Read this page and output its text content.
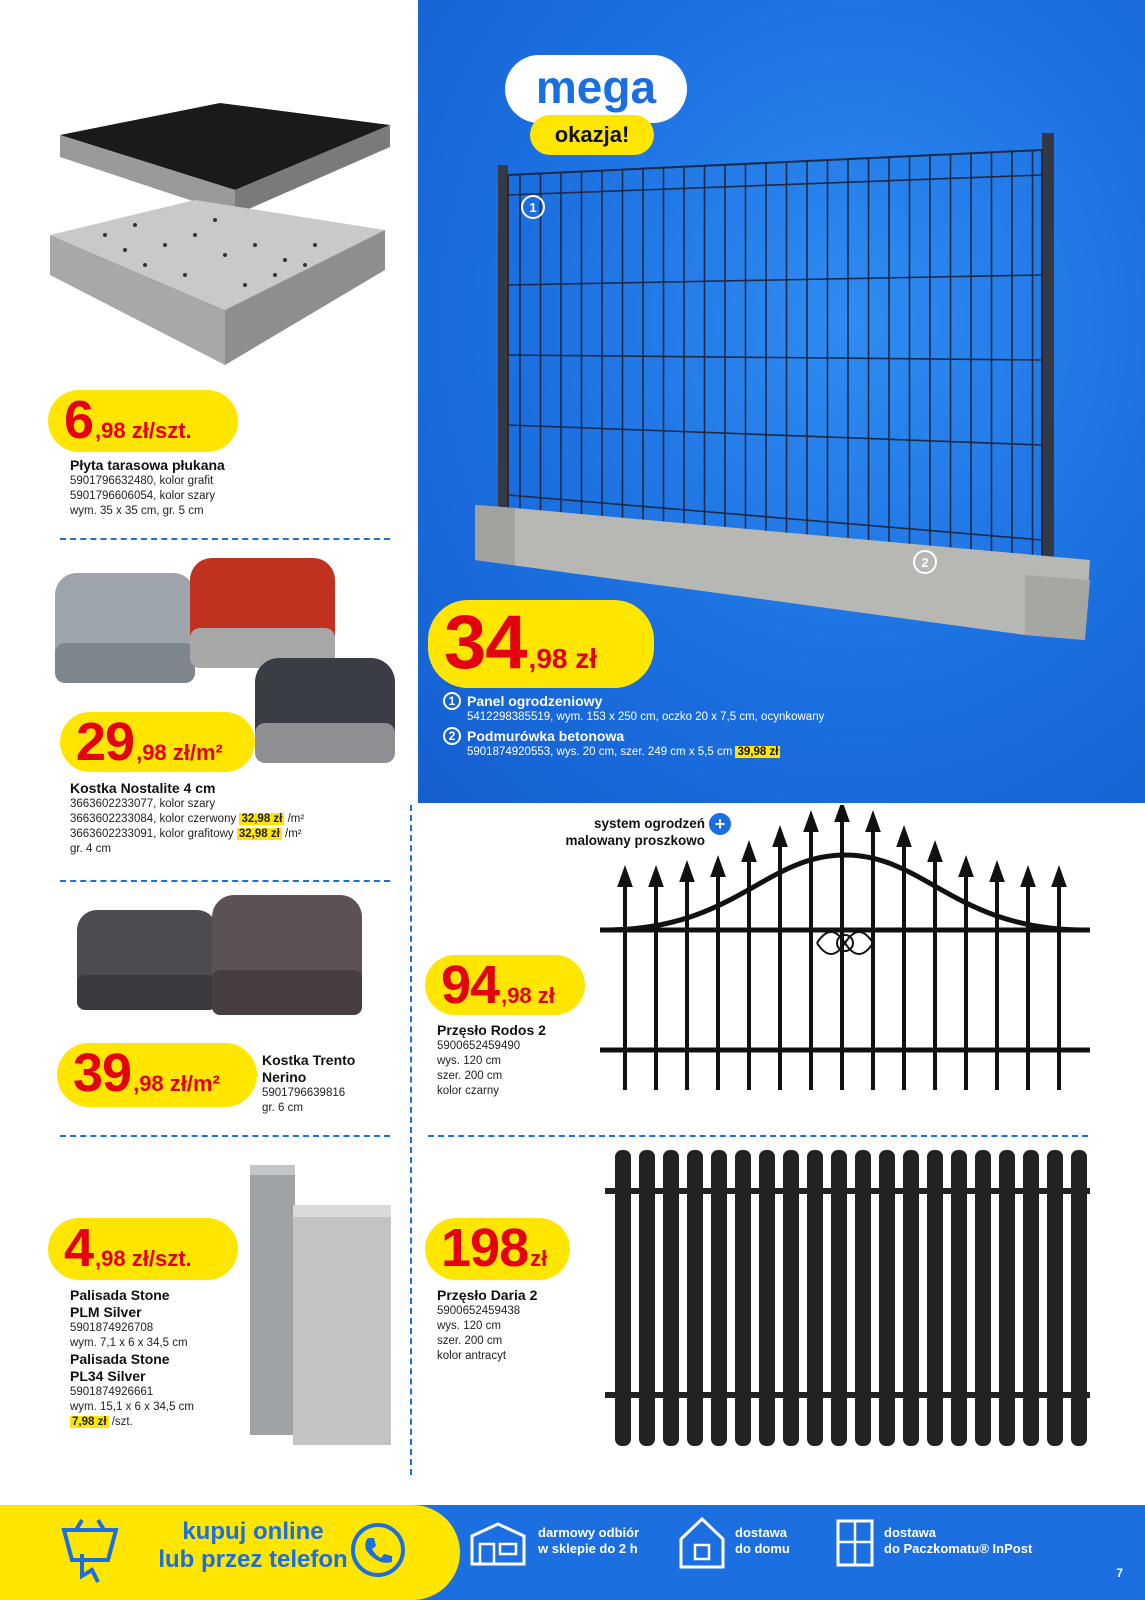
6 ,98 zł/szt.
Płyta tarasowa płukana
5901796632480, kolor grafit
5901796606054, kolor szary
wym. 35 x 35 cm, gr. 5 cm
29 ,98 zł/m²
Kostka Nostalite 4 cm
3663602233077, kolor szary
3663602233084, kolor czerwony 32,98 zł /m²
3663602233091, kolor grafitowy 32,98 zł /m²
gr. 4 cm
39 ,98 zł/m²
Kostka Trento
Nerino
5901796639816
gr. 6 cm
4 ,98 zł/szt.
Palisada Stone
PLM Silver
5901874926708
wym. 7,1 x 6 x 34,5 cm
Palisada Stone
PL34 Silver
5901874926661
wym. 15,1 x 6 x 34,5 cm
7,98 zł /szt.
mega
okazja!
1
2
34 ,98 zł
1 Panel ogrodzeniowy
5412298385519, wym. 153 x 250 cm, oczko 20 x 7,5 cm, ocynkowany
2 Podmurówka betonowa
5901874920553, wys. 20 cm, szer. 249 cm x 5,5 cm 39,98 zł
system ogrodzeń
malowany proszkowo
+
94 ,98 zł
Przęsło Rodos 2
5900652459490
wys. 120 cm
szer. 200 cm
kolor czarny
198 zł
Przęsło Daria 2
5900652459438
wys. 120 cm
szer. 200 cm
kolor antracyt
kupuj online
lub przez telefon
darmowy odbiór
w sklepie do 2 h
dostawa
do domu
dostawa
do Paczkomatu® InPost
7
